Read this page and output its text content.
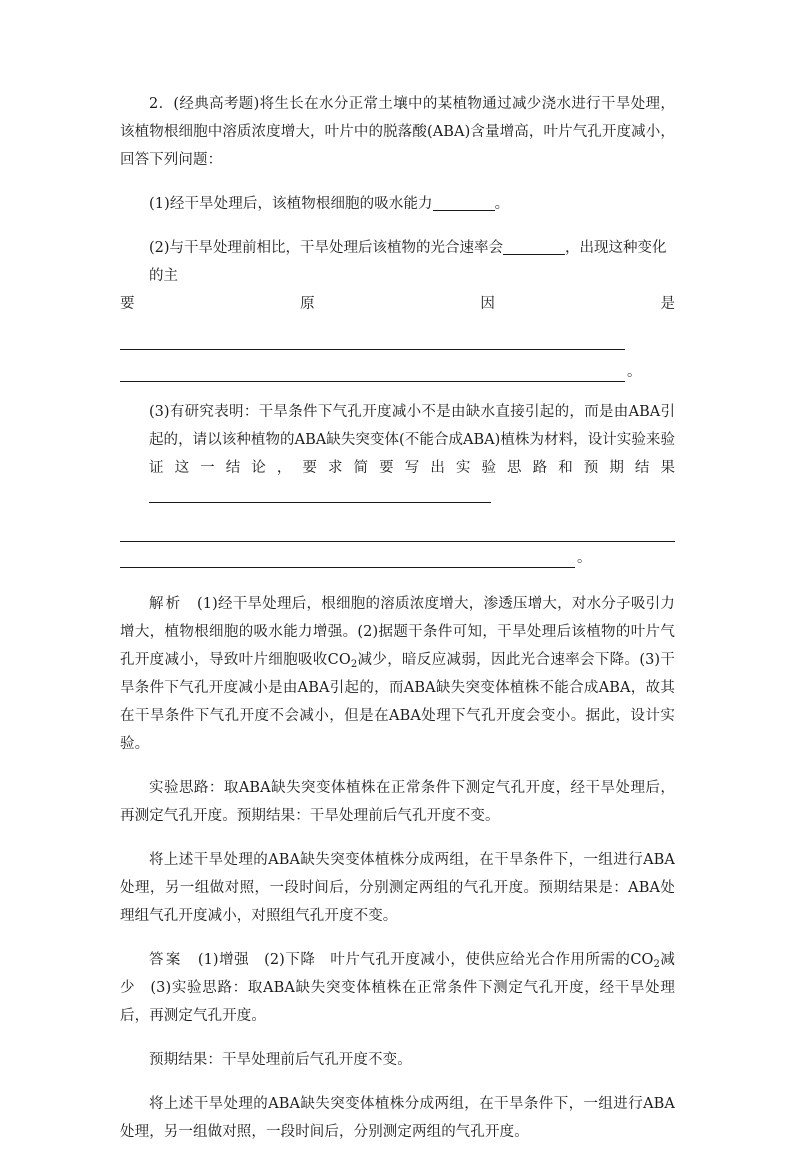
2．(经典高考题)将生长在水分正常土壤中的某植物通过减少浇水进行干旱处理，该植物根细胞中溶质浓度增大，叶片中的脱落酸(ABA)含量增高，叶片气孔开度减小，回答下列问题：

(1)经干旱处理后，该植物根细胞的吸水能力	。

(2)与干旱处理前相比，干旱处理后该植物的光合速率会	，出现这种变化的主

要	原	因	是
。

(3)有研究表明：干旱条件下气孔开度减小不是由缺水直接引起的，而是由ABA引起的，请以该种植物的ABA缺失突变体(不能合成ABA)植株为材料，设计实验来验证这一结论，要求简要写出实验思路和预期结果

。

解析　 (1)经干旱处理后，根细胞的溶质浓度增大，渗透压增大，对水分子吸引力增大，植物根细胞的吸水能力增强。(2)据题干条件可知，干旱处理后该植物的叶片气孔开度减小，导致叶片细胞吸收$CO_2$减少，暗反应减弱，因此光合速率会下降。(3)干旱条件下气孔开度减小是由ABA引起的，而ABA缺失突变体植株不能合成ABA，故其在干旱条件下气孔开度不会减小，但是在ABA处理下气孔开度会变小。据此，设计实验。

实验思路：取ABA缺失突变体植株在正常条件下测定气孔开度，经干旱处理后，再测定气孔开度。预期结果：干旱处理前后气孔开度不变。

将上述干旱处理的ABA缺失突变体植株分成两组，在干旱条件下，一组进行ABA处理，另一组做对照，一段时间后，分别测定两组的气孔开度。预期结果是：ABA处理组气孔开度减小，对照组气孔开度不变。

答案　 (1)增强　(2)下降　叶片气孔开度减小，使供应给光合作用所需的$CO_2$减少　(3)实验思路：取ABA缺失突变体植株在正常条件下测定气孔开度，经干旱处理后，再测定气孔开度。

预期结果：干旱处理前后气孔开度不变。

将上述干旱处理的ABA缺失突变体植株分成两组，在干旱条件下，一组进行ABA处理，另一组做对照，一段时间后，分别测定两组的气孔开度。
